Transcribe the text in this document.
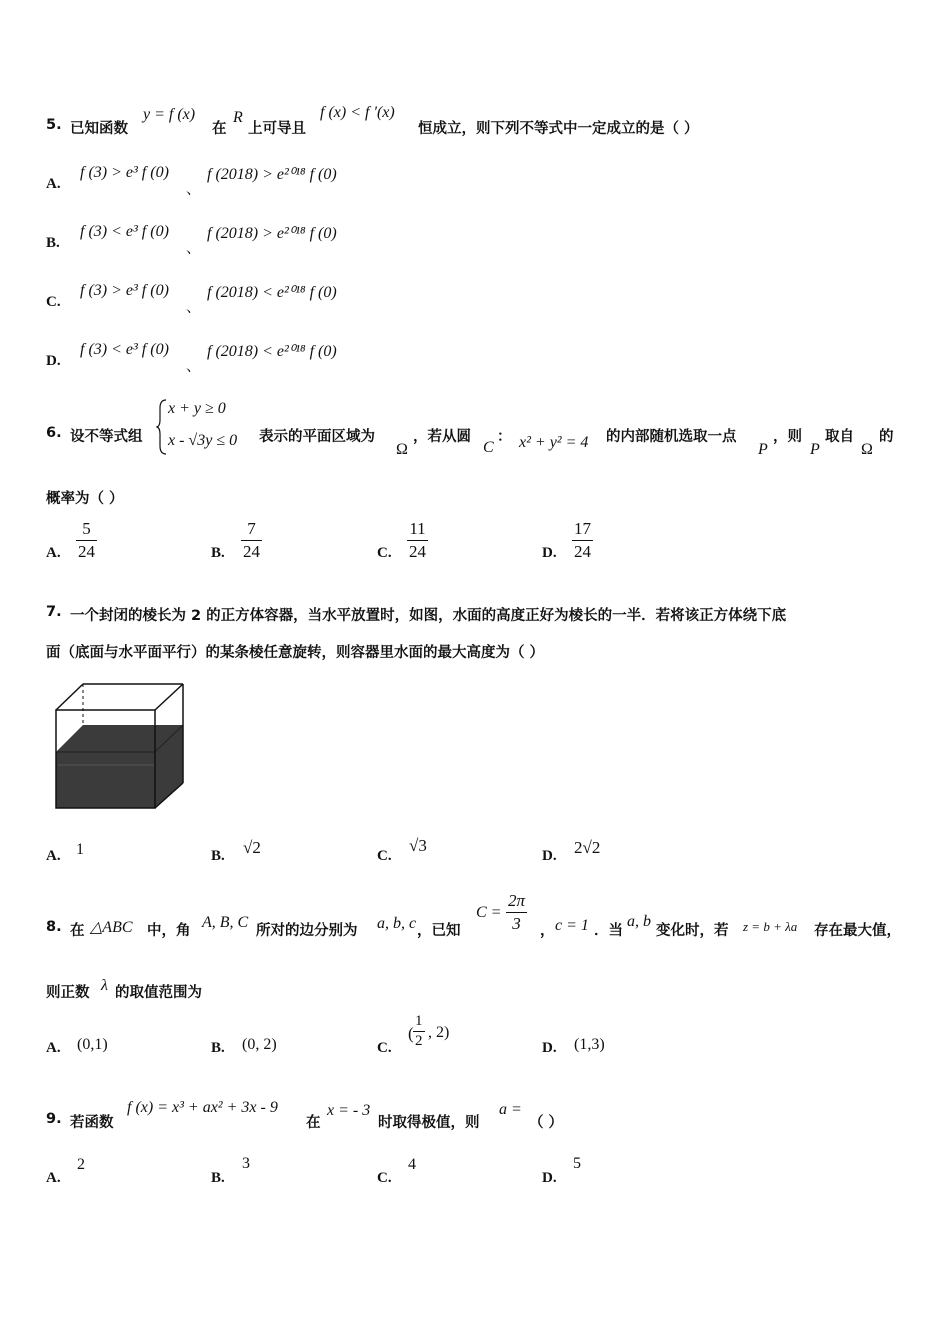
5. 已知函数
y = f (x)
在
R
上可导且
f (x) < f ′(x)
恒成立，则下列不等式中一定成立的是（ ）
A.
f (3) > e³ f (0)
、
f (2018) > e²⁰¹⁸ f (0)
B.
f (3) < e³ f (0)
、
f (2018) > e²⁰¹⁸ f (0)
C.
f (3) > e³ f (0)
、
f (2018) < e²⁰¹⁸ f (0)
D.
f (3) < e³ f (0)
、
f (2018) < e²⁰¹⁸ f (0)
6. 设不等式组
x + y ≥ 0
x - √3y ≤ 0 表示的平面区域为
Ω
，若从圆
C
： x² + y² = 4 的内部随机选取一点
P
，则
P
取自
Ω
的
概率为（ ）
A. $\frac{5}{24}$	B. $\frac{7}{24}$	C. $\frac{11}{24}$	D. $\frac{17}{24}$
7. 一个封闭的棱长为 2 的正方体容器，当水平放置时，如图，水面的高度正好为棱长的一半．若将该正方体绕下底
面（底面与水平面平行）的某条棱任意旋转，则容器里水面的最大高度为（ ）
A. 1	B. √2	C.
√3
D. 2√2
8. 在 △ABC 中，角 A, B, C 所对的边分别为 a, b, c ，已知
$C = \frac{2\pi}{3}$ ， c = 1 ．当
a, b
变化时，若 z = b + λa 存在最大值，
则正数 λ 的取值范围为
A. (0,1)	B. (0, 2)	C.
( $\frac{1}{2}$ , 2)
D. (1,3)
9. 若函数
f (x) = x³ + ax² + 3x - 9
在
x = - 3
时取得极值，则
a =
（ ）
A.
2
B.
3
C.
4
D.
5
